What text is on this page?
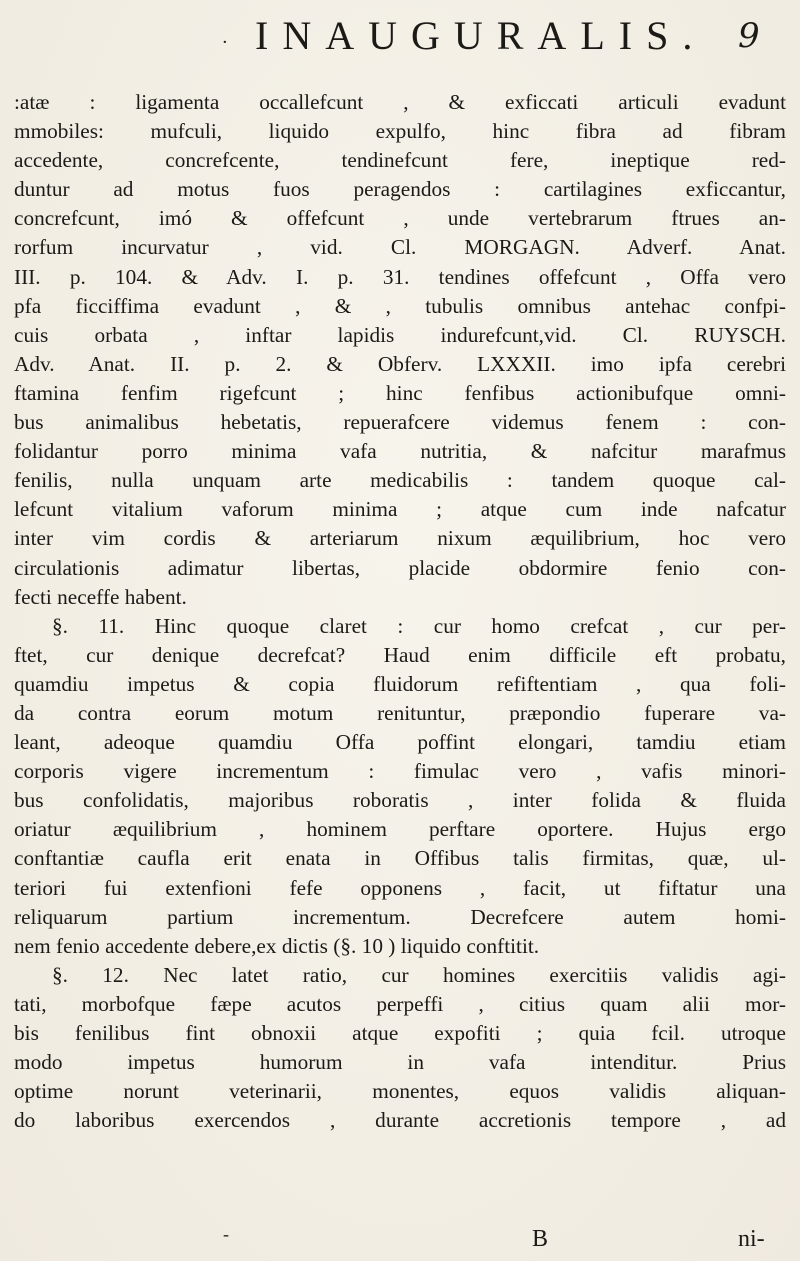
· INAUGURALIS. 9
:atæ : ligamenta occallefcunt , & exficcati articuli evadunt
mmobiles: mufculi, liquido expulfo, hinc fibra ad fibram
accedente, concrefcente, tendinefcunt fere, ineptique red-
duntur ad motus fuos peragendos : cartilagines exficcantur,
concrefcunt, imó & offefcunt , unde vertebrarum ftrues an-
rorfum incurvatur , vid. Cl. MORGAGN. Adverf. Anat.
III. p. 104. & Adv. I. p. 31. tendines offefcunt , Offa vero
pfa ficciffima evadunt , & , tubulis omnibus antehac confpi-
cuis orbata , inftar lapidis indurefcunt,vid. Cl. RUYSCH.
Adv. Anat. II. p. 2. & Obferv. LXXXII. imo ipfa cerebri
ftamina fenfim rigefcunt ; hinc fenfibus actionibufque omni-
bus animalibus hebetatis, repuerafcere videmus fenem : con-
folidantur porro minima vafa nutritia, & nafcitur marafmus
fenilis, nulla unquam arte medicabilis : tandem quoque cal-
lefcunt vitalium vaforum minima ; atque cum inde nafcatur
inter vim cordis & arteriarum nixum æquilibrium, hoc vero
circulationis adimatur libertas, placide obdormire fenio con-
fecti neceffe habent.
§. 11. Hinc quoque claret : cur homo crefcat , cur per-
ftet, cur denique decrefcat? Haud enim difficile eft probatu,
quamdiu impetus & copia fluidorum refiftentiam , qua foli-
da contra eorum motum renituntur, præpondio fuperare va-
leant, adeoque quamdiu Offa poffint elongari, tamdiu etiam
corporis vigere incrementum : fimulac vero , vafis minori-
bus confolidatis, majoribus roboratis , inter folida & fluida
oriatur æquilibrium , hominem perftare oportere. Hujus ergo
conftantiæ caufla erit enata in Offibus talis firmitas, quæ, ul-
teriori fui extenfioni fefe opponens , facit, ut fiftatur una
reliquarum partium incrementum. Decrefcere autem homi-
nem fenio accedente debere,ex dictis (§. 10 ) liquido conftitit.
§. 12. Nec latet ratio, cur homines exercitiis validis agi-
tati, morbofque fæpe acutos perpeffi , citius quam alii mor-
bis fenilibus fint obnoxii atque expofiti ; quia fcil. utroque
modo impetus humorum in vafa intenditur. Prius
optime norunt veterinarii, monentes, equos validis aliquan-
do laboribus exercendos , durante accretionis tempore , ad
-	B	ni-
